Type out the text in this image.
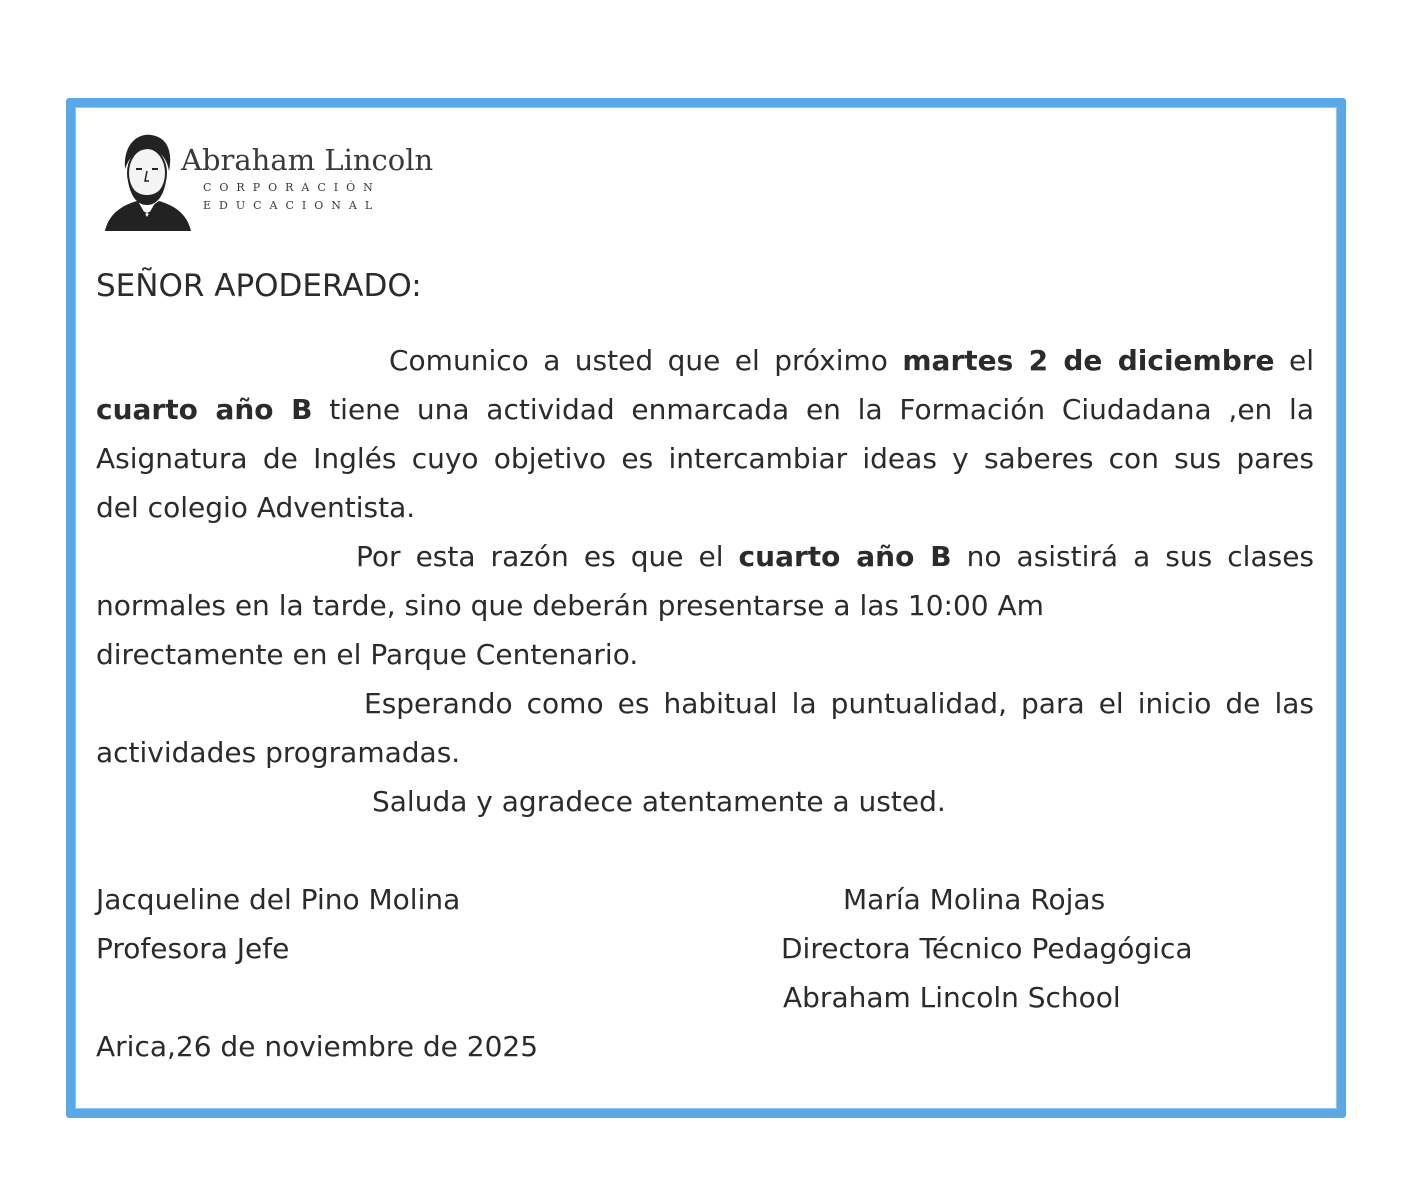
Abraham Lincoln
CORPORACIÓN
EDUCACIONAL
SEÑOR APODERADO:
Comunico a usted que el próximo martes 2 de diciembre el
cuarto año B tiene una actividad enmarcada en la Formación Ciudadana ,en la
Asignatura de Inglés cuyo objetivo es intercambiar ideas y saberes con sus pares
del colegio Adventista.
Por esta razón es que el cuarto año B no asistirá a sus clases
normales en la tarde, sino que deberán presentarse a las 10:00 Am
directamente en el Parque Centenario.
Esperando como es habitual la puntualidad, para el inicio de las
actividades programadas.
Saluda y agradece atentamente a usted.
Jacqueline del Pino Molina
Profesora Jefe
María Molina Rojas
Directora Técnico Pedagógica
Abraham Lincoln School
Arica,26 de noviembre de 2025
